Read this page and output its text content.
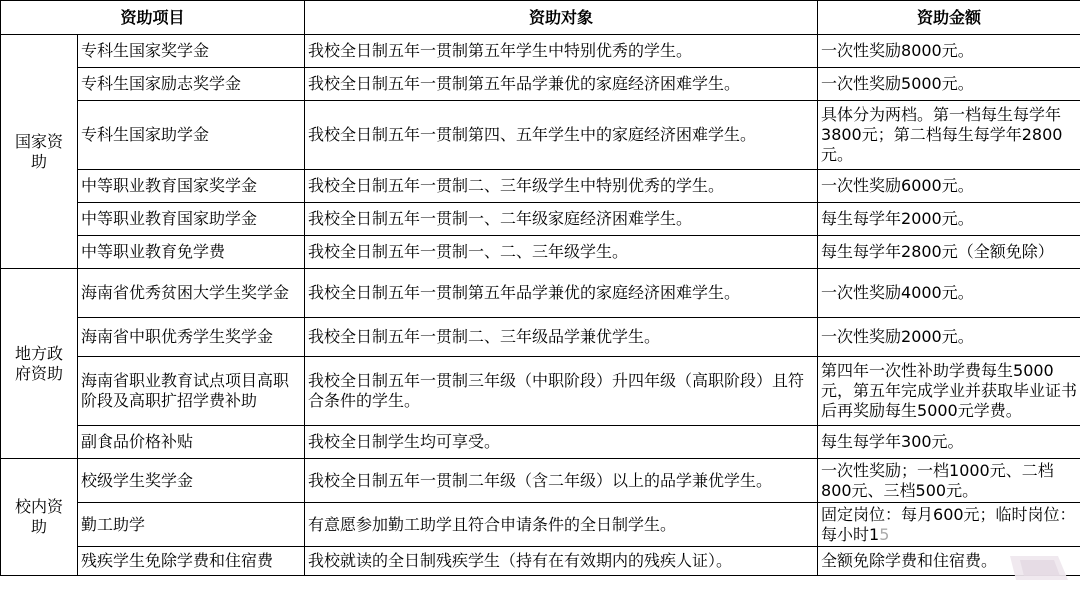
资助项目		资助对象	资助金额
国家资助	专科生国家奖学金	我校全日制五年一贯制第五年学生中特别优秀的学生。	一次性奖励8000元。
	专科生国家励志奖学金	我校全日制五年一贯制第五年品学兼优的家庭经济困难学生。	一次性奖励5000元。
	专科生国家助学金	我校全日制五年一贯制第四、五年学生中的家庭经济困难学生。	具体分为两档。第一档每生每学年3800元；第二档每生每学年2800元。
	中等职业教育国家奖学金	我校全日制五年一贯制二、三年级学生中特别优秀的学生。	一次性奖励6000元。
	中等职业教育国家助学金	我校全日制五年一贯制一、二年级家庭经济困难学生。	每生每学年2000元。
	中等职业教育免学费	我校全日制五年一贯制一、二、三年级学生。	每生每学年2800元（全额免除）
地方政府资助	海南省优秀贫困大学生奖学金	我校全日制五年一贯制第五年品学兼优的家庭经济困难学生。	一次性奖励4000元。
	海南省中职优秀学生奖学金	我校全日制五年一贯制二、三年级品学兼优学生。	一次性奖励2000元。
	海南省职业教育试点项目高职阶段及高职扩招学费补助	我校全日制五年一贯制三年级（中职阶段）升四年级（高职阶段）且符合条件的学生。	第四年一次性补助学费每生5000元，第五年完成学业并获取毕业证书后再奖励每生5000元学费。
	副食品价格补贴	我校全日制学生均可享受。	每生每学年300元。
校内资助	校级学生奖学金	我校全日制五年一贯制二年级（含二年级）以上的品学兼优学生。	一次性奖励；一档1000元、二档800元、三档500元。
	勤工助学	有意愿参加勤工助学且符合申请条件的全日制学生。	固定岗位：每月600元；临时岗位：每小时15
	残疾学生免除学费和住宿费	我校就读的全日制残疾学生（持有在有效期内的残疾人证）。	全额免除学费和住宿费。
